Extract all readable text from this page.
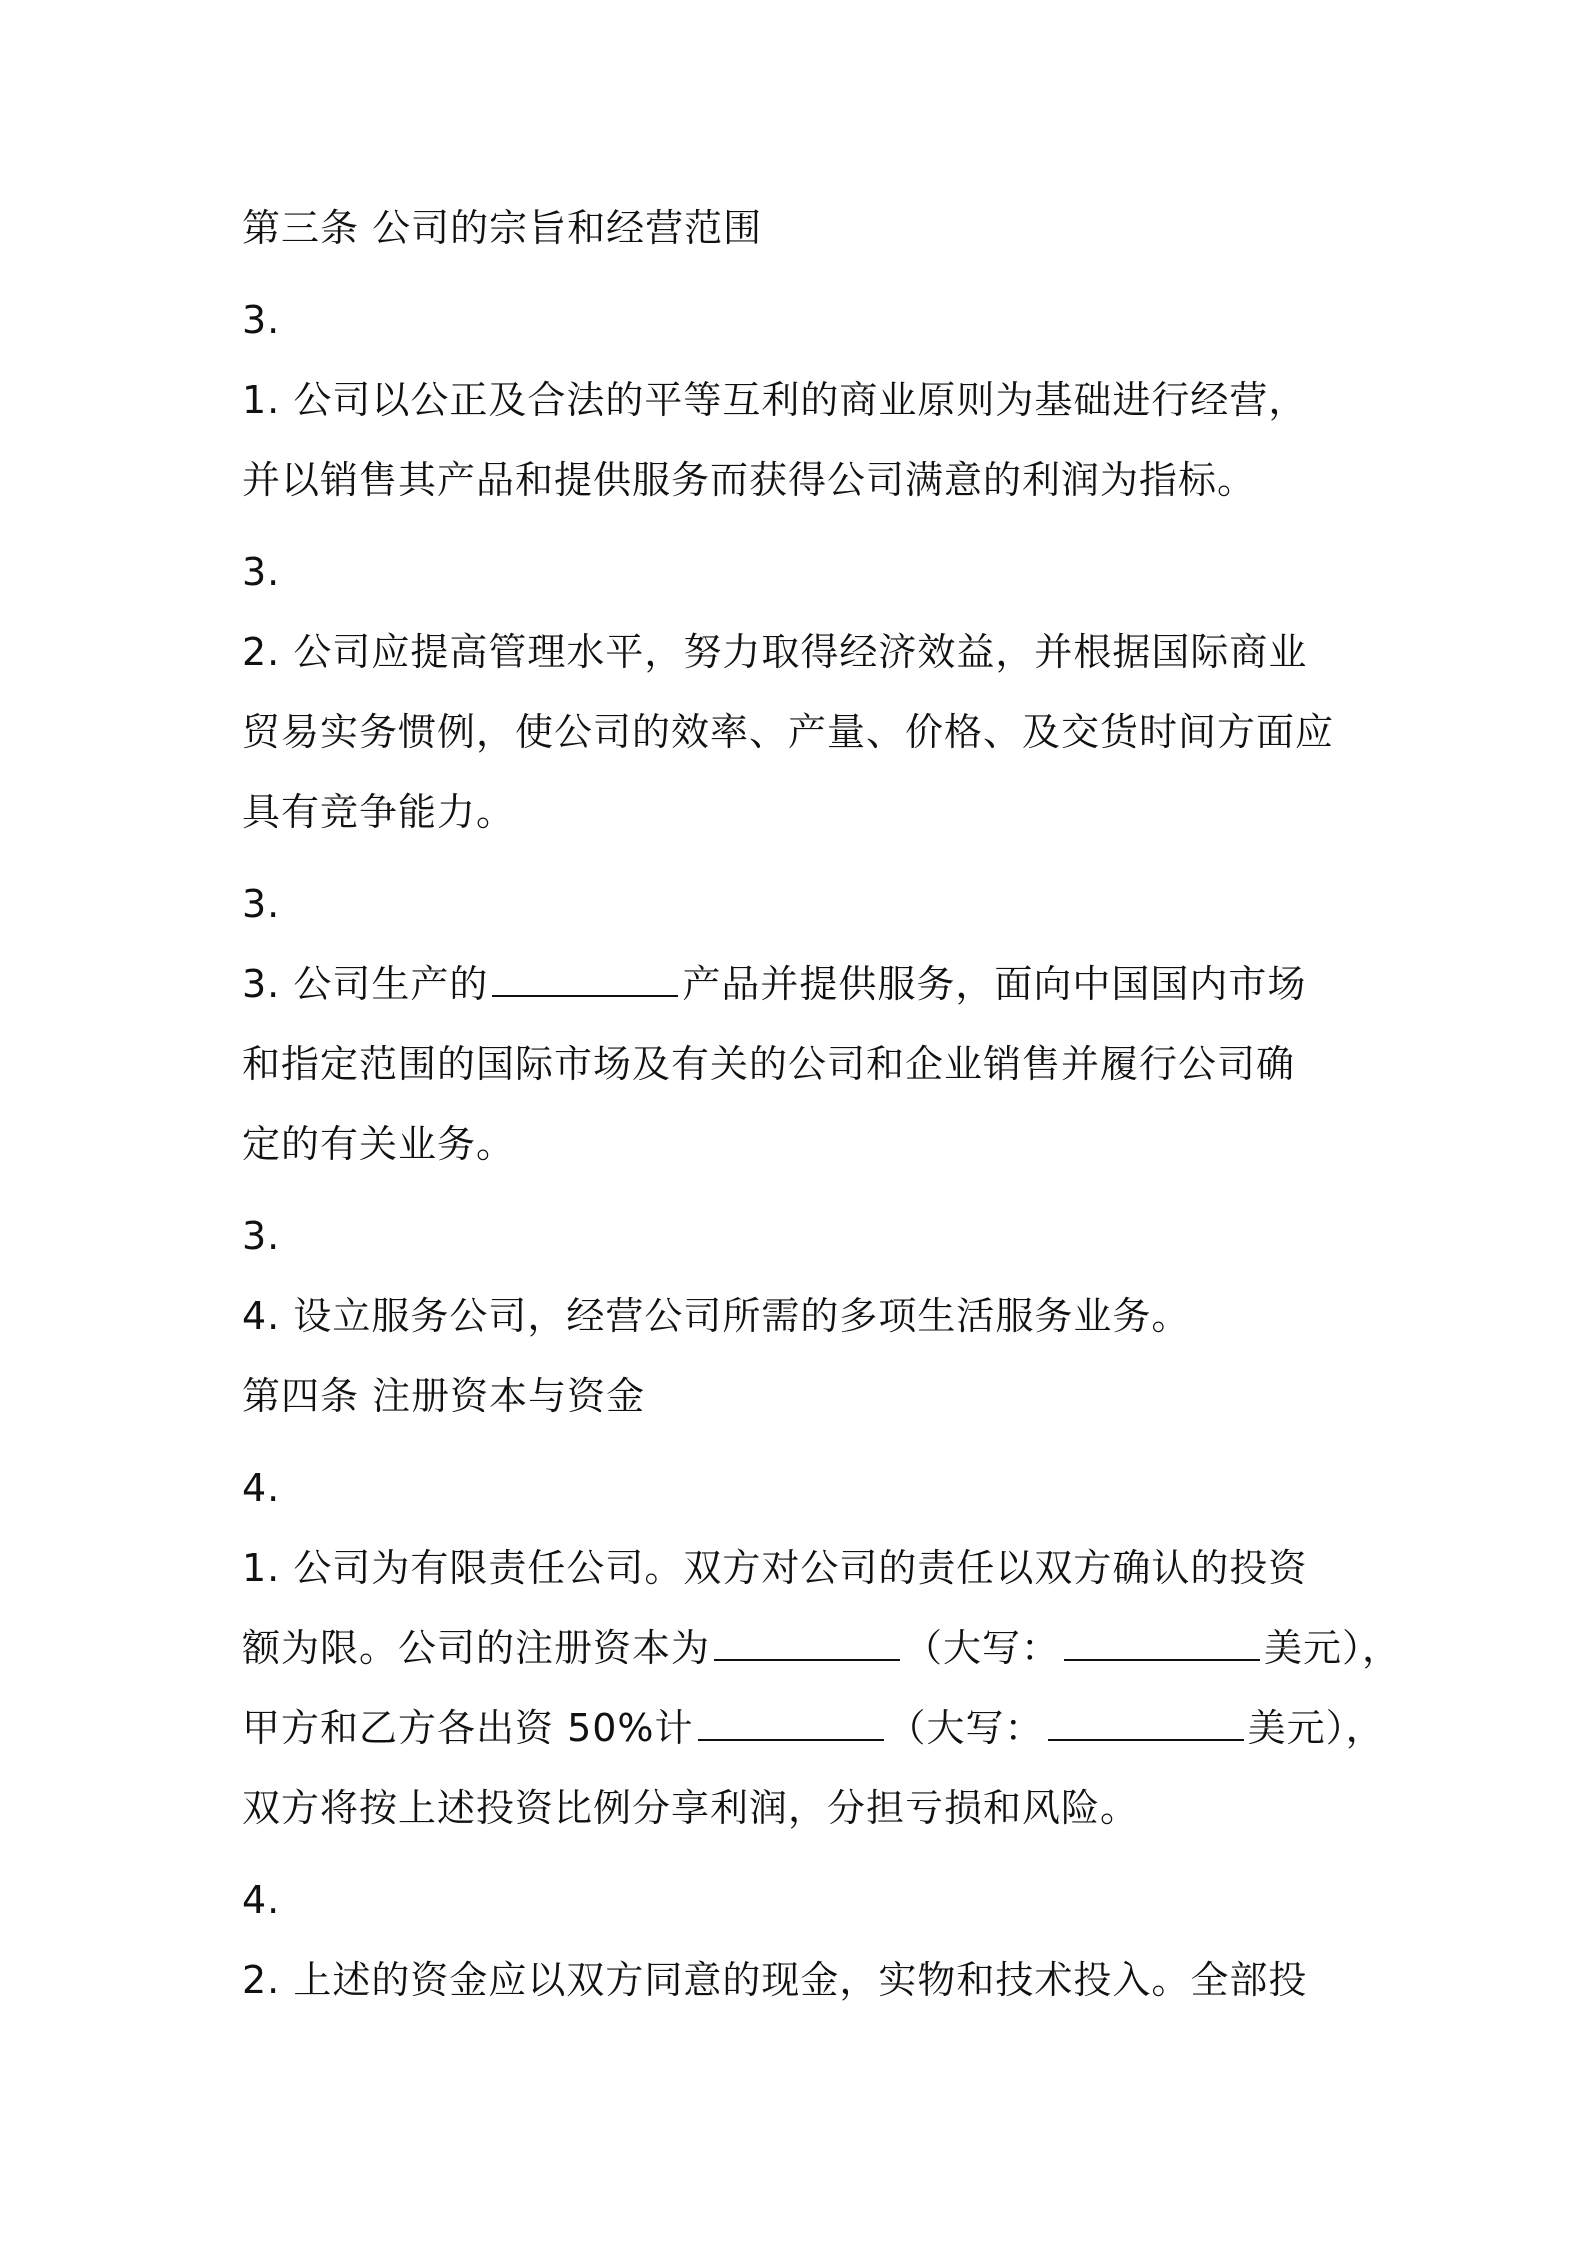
第三条 公司的宗旨和经营范围
3.
1. 公司以公正及合法的平等互利的商业原则为基础进行经营，
并以销售其产品和提供服务而获得公司满意的利润为指标。
3.
2. 公司应提高管理水平，努力取得经济效益，并根据国际商业
贸易实务惯例，使公司的效率、产量、价格、及交货时间方面应
具有竞争能力。
3.
3. 公司生产的	产品并提供服务，面向中国国内市场
和指定范围的国际市场及有关的公司和企业销售并履行公司确
定的有关业务。
3.
4. 设立服务公司，经营公司所需的多项生活服务业务。
第四条 注册资本与资金
4.
1. 公司为有限责任公司。双方对公司的责任以双方确认的投资
额为限。公司的注册资本为	（大写：	美元），
甲方和乙方各出资 50%计	（大写：	美元），
双方将按上述投资比例分享利润，分担亏损和风险。
4.
2. 上述的资金应以双方同意的现金，实物和技术投入。全部投
